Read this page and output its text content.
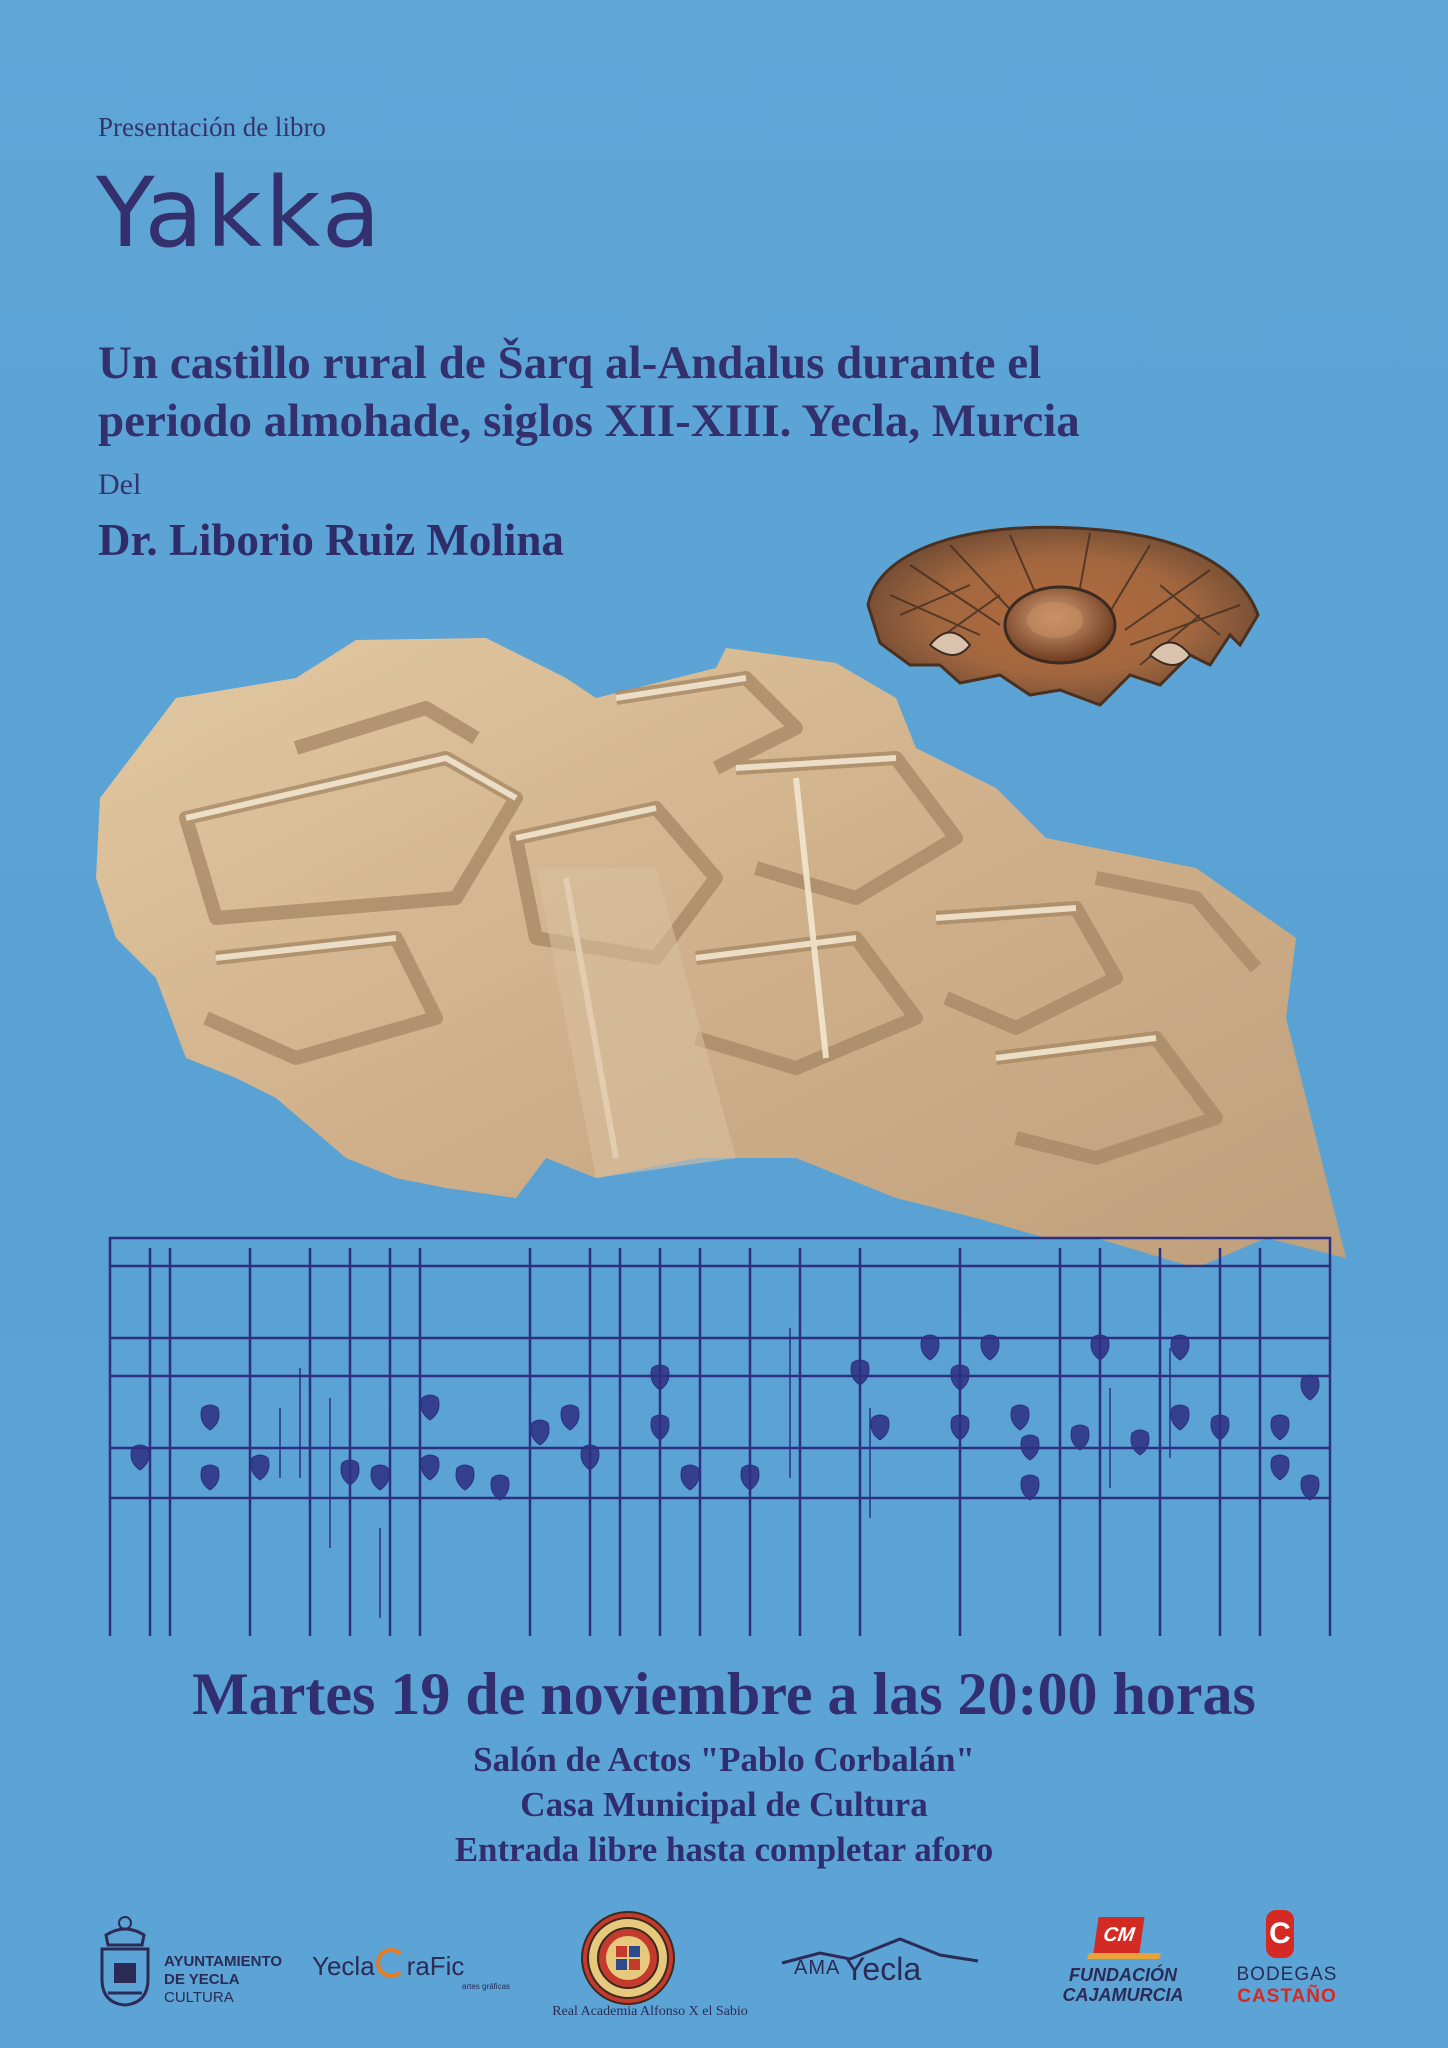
Presentación de libro
Yakka
Un castillo rural de Šarq al-Andalus durante el
periodo almohade, siglos XII-XIII. Yecla, Murcia
Del
Dr. Liborio Ruiz Molina
Martes 19 de noviembre a las 20:00 horas
Salón de Actos "Pablo Corbalán"
Casa Municipal de Cultura
Entrada libre hasta completar aforo
AYUNTAMIENTO
DE YECLA
CULTURA
Yecla raFic
artes gráficas
Real Academia Alfonso X el Sabio
AMA Yecla
CM
FUNDACIÓN
CAJAMURCIA
C
BODEGAS
CASTAÑO
